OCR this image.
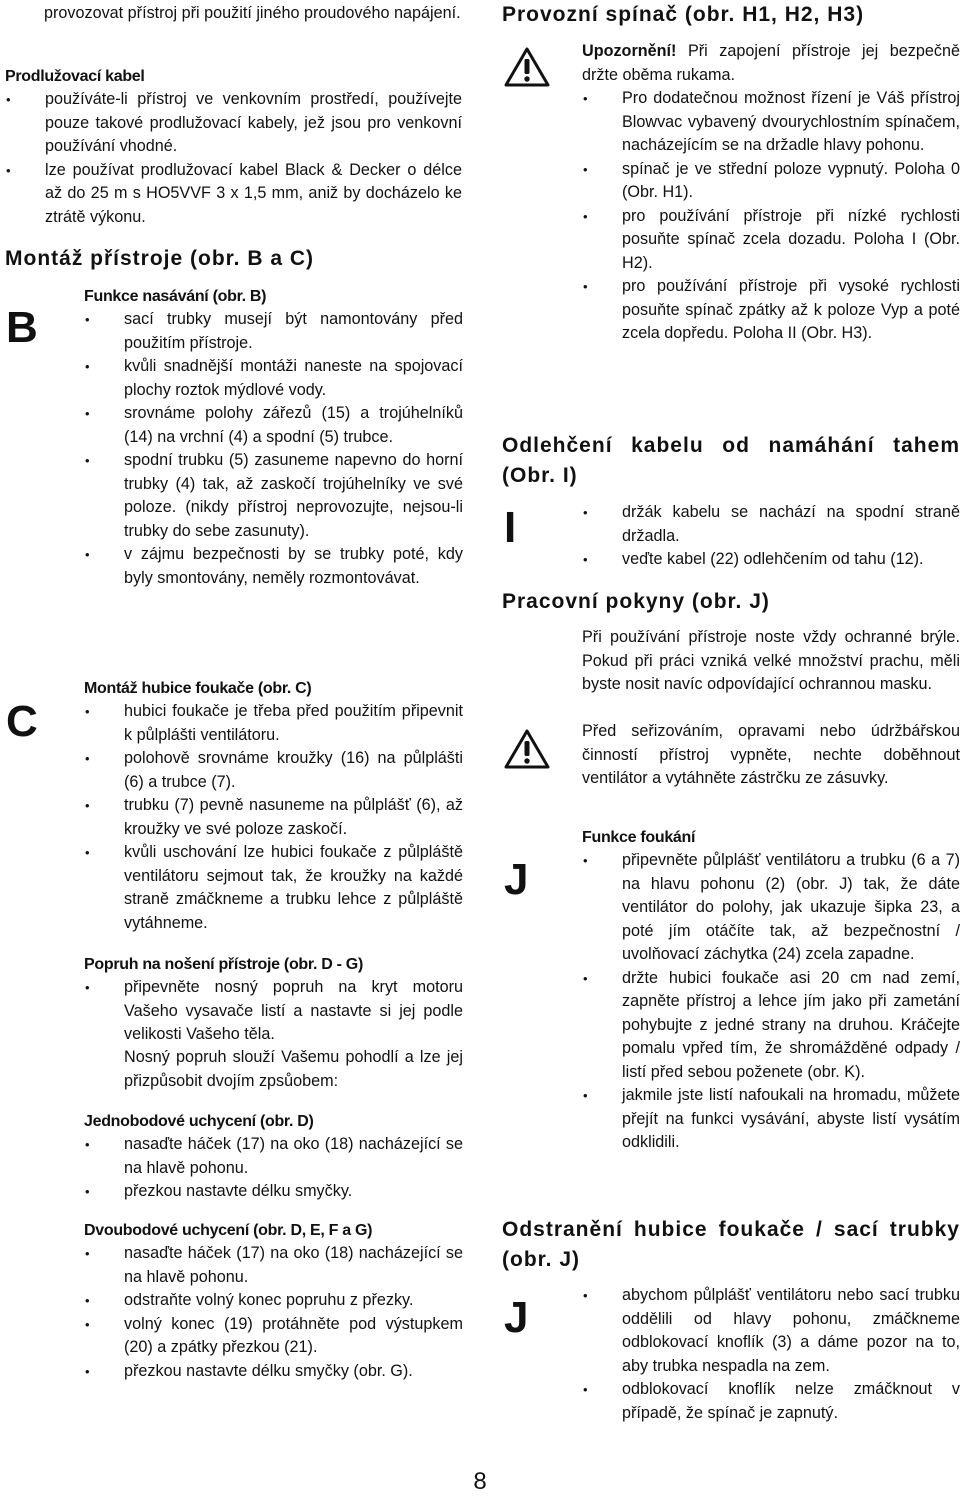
provozovat přístroj při použití jiného proudového napájení.

Prodlužovací kabel

• používáte-li přístroj ve venkovním prostředí, používejte pouze takové prodlužovací kabely, jež jsou pro venkovní používání vhodné.
• lze používat prodlužovací kabel Black & Decker o délce až do 25 m s HO5VVF 3 x 1,5 mm, aniž by docházelo ke ztrátě výkonu.

Montáž přístroje (obr. B a C)

B

Funkce nasávání (obr. B)

• sací trubky musejí být namontovány před použitím přístroje.
• kvůli snadnější montáži naneste na spojovací plochy roztok mýdlové vody.
• srovnáme polohy zářezů (15) a trojúhelníků (14) na vrchní (4) a spodní (5) trubce.
• spodní trubku (5) zasuneme napevno do horní trubky (4) tak, až zaskočí trojúhelníky ve své poloze. (nikdy přístroj neprovozujte, nejsou-li trubky do sebe zasunuty).
• v zájmu bezpečnosti by se trubky poté, kdy byly smontovány, neměly rozmontovávat.
C

Montáž hubice foukače (obr. C)

• hubici foukače je třeba před použitím připevnit k půlplášti ventilátoru.
• polohově srovnáme kroužky (16) na půlplášti (6) a trubce (7).
• trubku (7) pevně nasuneme na půlplášť (6), až kroužky ve své poloze zaskočí.
• kvůli uschování lze hubici foukače z půlpláště ventilátoru sejmout tak, že kroužky na každé straně zmáčkneme a trubku lehce z půlpláště vytáhneme.

Popruh na nošení přístroje (obr. D - G)

• připevněte nosný popruh na kryt motoru Vašeho vysavače listí a nastavte si jej podle velikosti Vašeho těla.

Nosný popruh slouží Vašemu pohodlí a lze jej přizpůsobit dvojím zpsůobem:

Jednobodové uchycení (obr. D)

• nasaďte háček (17) na oko (18) nacházející se na hlavě pohonu.
• přezkou nastavte délku smyčky.

Dvoubodové uchycení (obr. D, E, F a G)

• nasaďte háček (17) na oko (18) nacházející se na hlavě pohonu.
• odstraňte volný konec popruhu z přezky.
• volný konec (19) protáhněte pod výstupkem (20) a zpátky přezkou (21).
• přezkou nastavte délku smyčky (obr. G).

Provozní spínač (obr. H1, H2, H3)

Upozornění! Při zapojení přístroje jej bezpečně držte oběma rukama.

• Pro dodatečnou možnost řízení je Váš přístroj Blowvac vybavený dvourychlostním spínačem, nacházejícím se na držadle hlavy pohonu.
• spínač je ve střední poloze vypnutý. Poloha 0 (Obr. H1).
• pro používání přístroje při nízké rychlosti posuňte spínač zcela dozadu. Poloha I (Obr. H2).
• pro používání přístroje při vysoké rychlosti posuňte spínač zpátky až k poloze Vyp a poté zcela dopředu. Poloha II (Obr. H3).

Odlehčení kabelu od namáhání tahem (Obr. I)

I	• držák kabelu se nachází na spodní straně držadla.
• veďte kabel (22) odlehčením od tahu (12).

Pracovní pokyny (obr. J)

Při používání přístroje noste vždy ochranné brýle. Pokud při práci vzniká velké množství prachu, měli byste nosit navíc odpovídající ochrannou masku.

Před seřizováním, opravami nebo údržbářskou činností přístroj vypněte, nechte doběhnout ventilátor a vytáhněte zástrčku ze zásuvky.

Funkce foukání

J	• připevněte půlplášť ventilátoru a trubku (6 a 7) na hlavu pohonu (2) (obr. J) tak, že dáte ventilátor do polohy, jak ukazuje šipka 23, a poté jím otáčíte tak, až bezpečnostní / uvolňovací záchytka (24) zcela zapadne.
• držte hubici foukače asi 20 cm nad zemí, zapněte přístroj a lehce jím jako při zametání pohybujte z jedné strany na druhou. Kráčejte pomalu vpřed tím, že shromážděné odpady / listí před sebou poženete (obr. K).
• jakmile jste listí nafoukali na hromadu, můžete přejít na funkci vysávání, abyste listí vysátím odklidili.

Odstranění hubice foukače / sací trubky (obr. J)

J	• abychom půlplášť ventilátoru nebo sací trubku oddělili od hlavy pohonu, zmáčkneme odblokovací knoflík (3) a dáme pozor na to, aby trubka nespadla na zem.
• odblokovací knoflík nelze zmáčknout v případě, že spínač je zapnutý.
8
